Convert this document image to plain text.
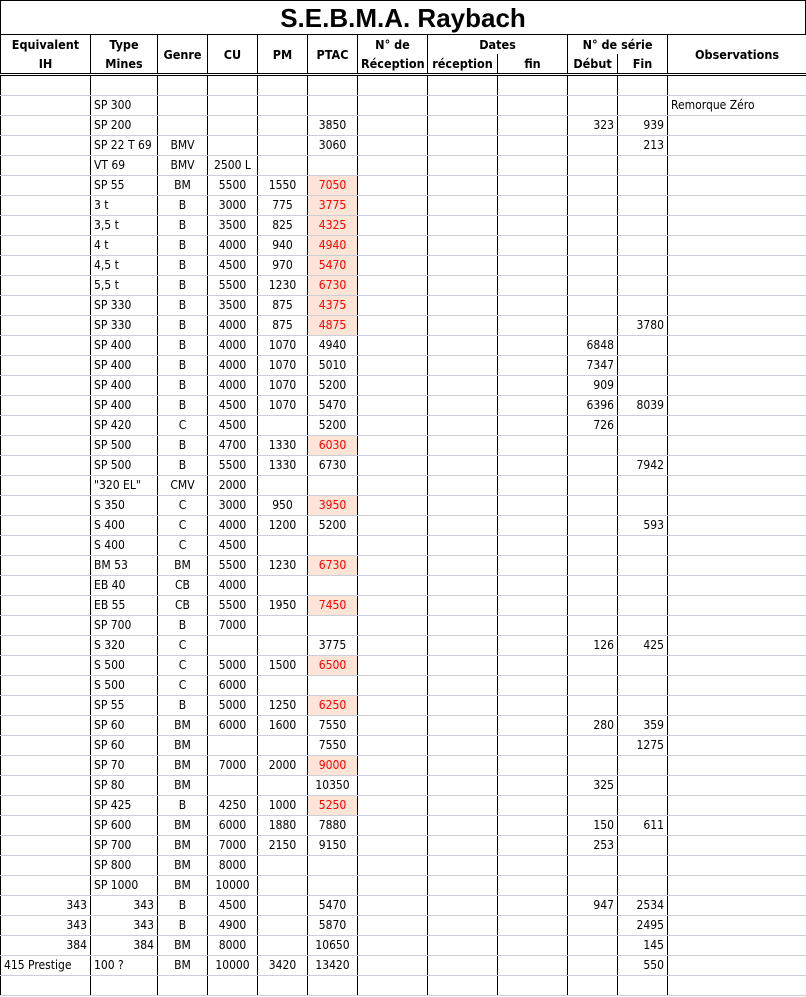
S.E.B.M.A. Raybach
Equivalent	Type	Genre	CU	PM	PTAC	N° de	Dates		N° de série		Observations
IH	Mines					Réception	réception	fin	Début	Fin	

	SP 300										Remorque Zéro
	SP 200				3850				323	939	
	SP 22 T 69	BMV			3060					213	
	VT 69	BMV	2500 L								
	SP 55	BM	5500	1550	7050						
	3 t	B	3000	775	3775						
	3,5 t	B	3500	825	4325						
	4 t	B	4000	940	4940						
	4,5 t	B	4500	970	5470						
	5,5 t	B	5500	1230	6730						
	SP 330	B	3500	875	4375						
	SP 330	B	4000	875	4875					3780	
	SP 400	B	4000	1070	4940				6848		
	SP 400	B	4000	1070	5010				7347		
	SP 400	B	4000	1070	5200				909		
	SP 400	B	4500	1070	5470				6396	8039	
	SP 420	C	4500		5200				726		
	SP 500	B	4700	1330	6030						
	SP 500	B	5500	1330	6730					7942	
	"320 EL"	CMV	2000								
	S 350	C	3000	950	3950						
	S 400	C	4000	1200	5200					593	
	S 400	C	4500								
	BM 53	BM	5500	1230	6730						
	EB 40	CB	4000								
	EB 55	CB	5500	1950	7450						
	SP 700	B	7000								
	S 320	C			3775				126	425	
	S 500	C	5000	1500	6500						
	S 500	C	6000								
	SP 55	B	5000	1250	6250						
	SP 60	BM	6000	1600	7550				280	359	
	SP 60	BM			7550					1275	
	SP 70	BM	7000	2000	9000						
	SP 80	BM			10350				325		
	SP 425	B	4250	1000	5250						
	SP 600	BM	6000	1880	7880				150	611	
	SP 700	BM	7000	2150	9150				253		
	SP 800	BM	8000								
	SP 1000	BM	10000								
343	343	B	4500		5470				947	2534	
343	343	B	4900		5870					2495	
384	384	BM	8000		10650					145	
415 Prestige	100 ?	BM	10000	3420	13420					550	
